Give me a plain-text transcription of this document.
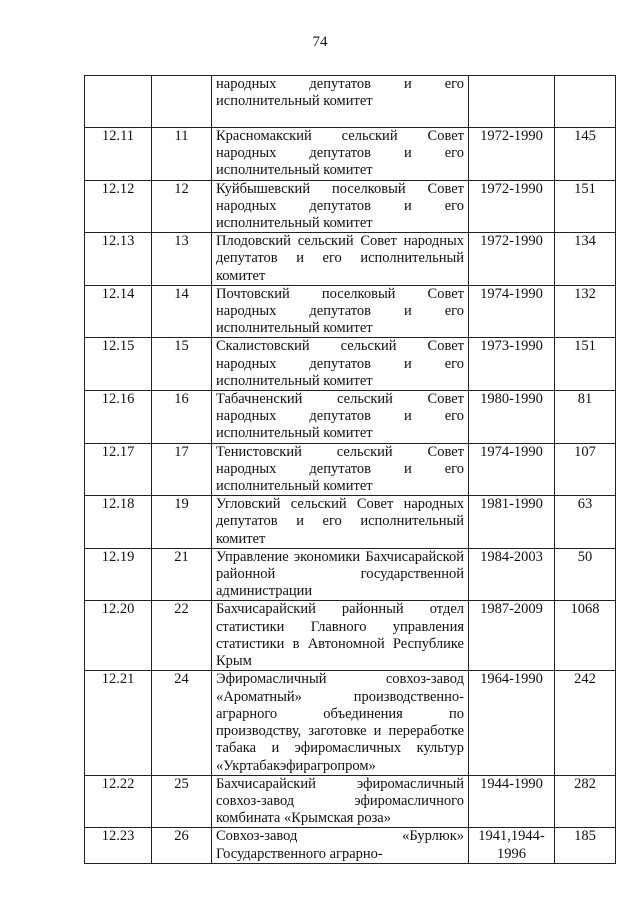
74
		народных депутатов и его исполнительный комитет		
12.11	11	Красномакский сельский Совет народных депутатов и его исполнительный комитет	1972-1990	145
12.12	12	Куйбышевский поселковый Совет народных депутатов и его исполнительный комитет	1972-1990	151
12.13	13	Плодовский сельский Совет народных депутатов и его исполнительный комитет	1972-1990	134
12.14	14	Почтовский поселковый Совет народных депутатов и его исполнительный комитет	1974-1990	132
12.15	15	Скалистовский сельский Совет народных депутатов и его исполнительный комитет	1973-1990	151
12.16	16	Табачненский сельский Совет народных депутатов и его исполнительный комитет	1980-1990	81
12.17	17	Тенистовский сельский Совет народных депутатов и его исполнительный комитет	1974-1990	107
12.18	19	Угловский сельский Совет народных депутатов и его исполнительный комитет	1981-1990	63
12.19	21	Управление экономики Бахчисарайской районной государственной администрации	1984-2003	50
12.20	22	Бахчисарайский районный отдел статистики Главного управления статистики в Автономной Республике Крым	1987-2009	1068
12.21	24	Эфиромасличный совхоз-завод «Ароматный» производственно-аграрного объединения по производству, заготовке и переработке табака и эфиромасличных культур «Укртабакэфирагропром»	1964-1990	242
12.22	25	Бахчисарайский эфиромасличный совхоз-завод эфиромасличного комбината «Крымская роза»	1944-1990	282
12.23	26	Совхоз-завод «Бурлюк» Государственного аграрно-	1941,1944-1996	185
